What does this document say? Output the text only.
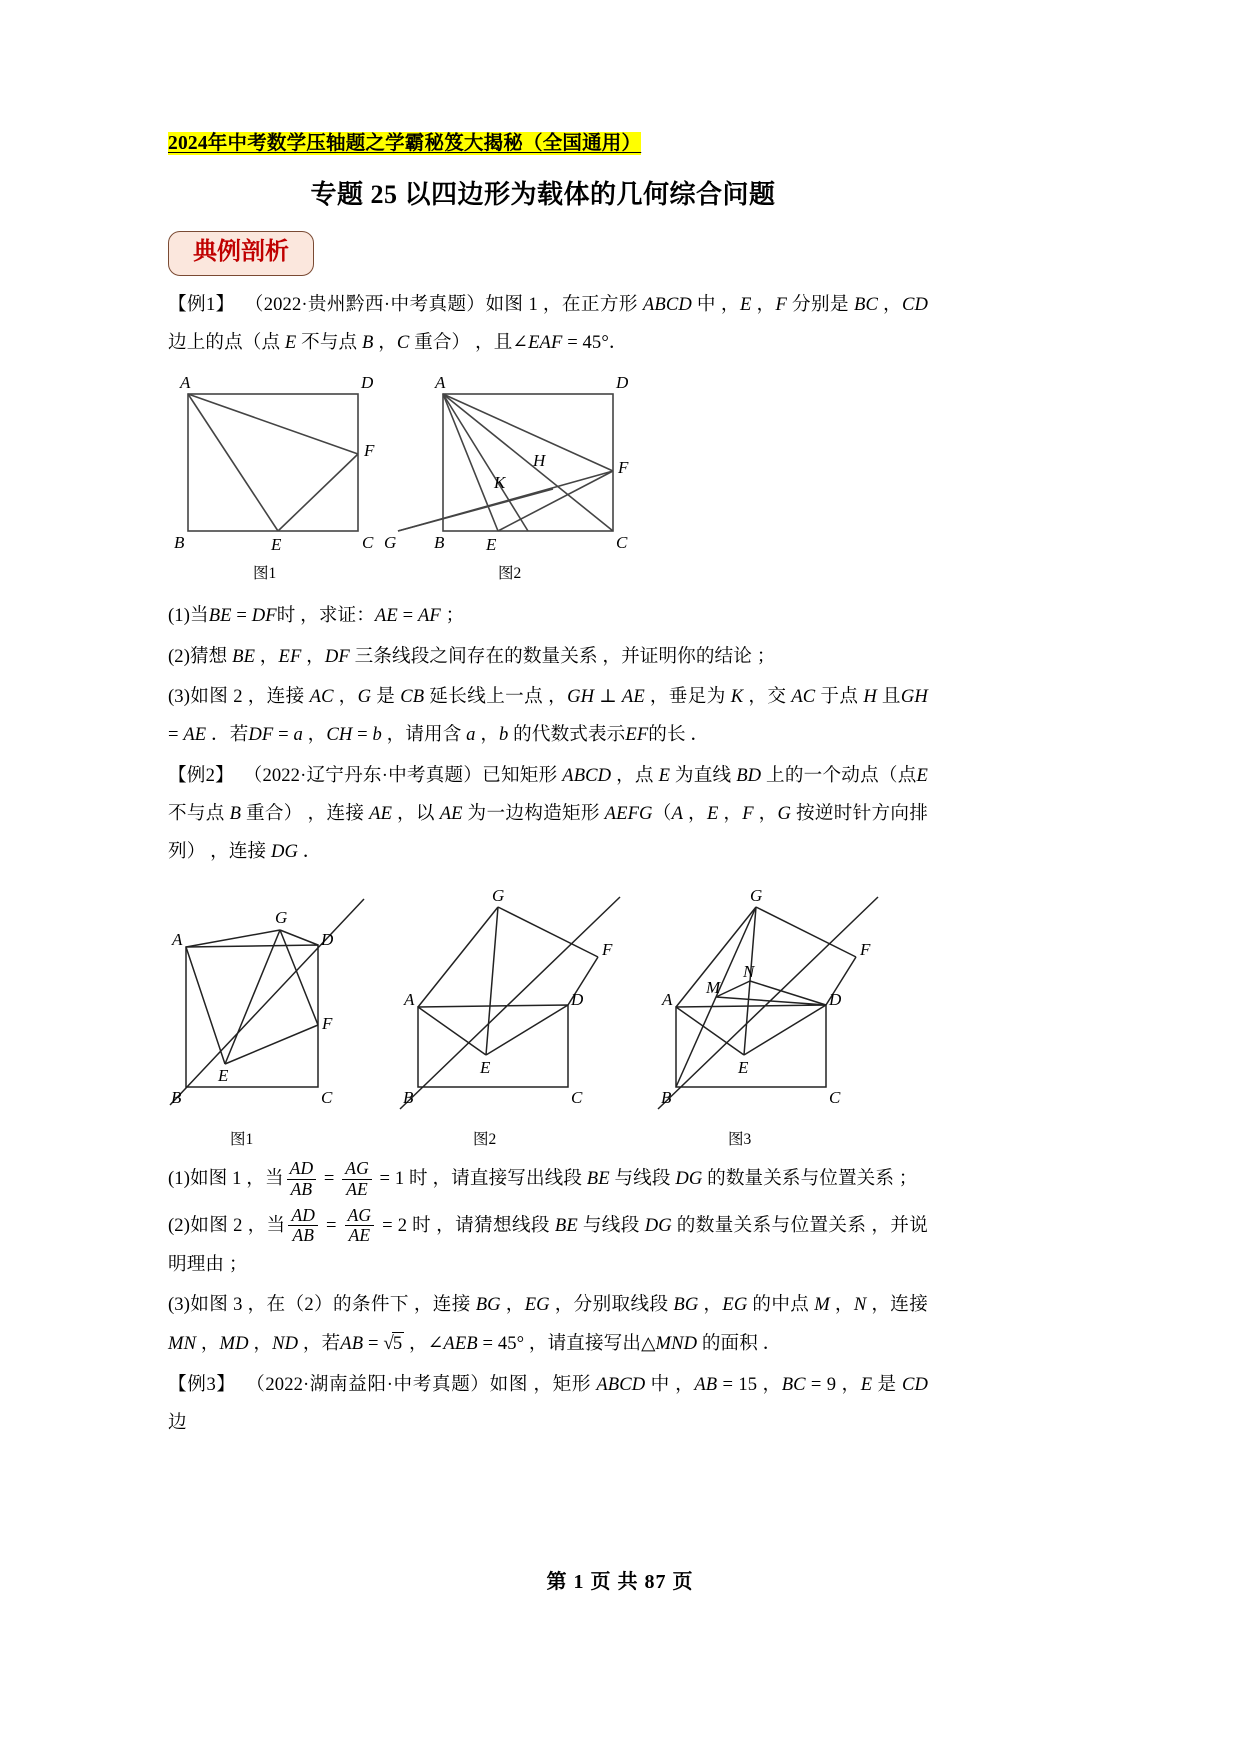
2024年中考数学压轴题之学霸秘笈大揭秘（全国通用）
专题 25 以四边形为载体的几何综合问题
典例剖析
【例1】 （2022·贵州黔西·中考真题）如图 1 ，在正方形 ABCD 中 ，E ，F 分别是 BC ，CD边上的点（点 E 不与点 B ，C 重合） ，且∠EAF = 45°．
A	D
F
B	E	C
A	D
F
H
K
G B E	C
图1	图2
(1)当BE = DF时 ，求证：AE = AF ；
(2)猜想 BE ，EF ，DF 三条线段之间存在的数量关系 ，并证明你的结论 ；
(3)如图 2 ，连接 AC ，G 是 CB 延长线上一点 ，GH ⊥ AE ，垂足为 K ，交 AC 于点 H 且GH = AE ．若DF = a ，CH = b ，请用含 a ，b 的代数式表示EF的长 ．
【例2】 （2022·辽宁丹东·中考真题）已知矩形 ABCD ，点 E 为直线 BD 上的一个动点（点E 不与点 B 重合） ，连接 AE ，以 AE 为一边构造矩形 AEFG（A ，E ，F ，G 按逆时针方向排列） ，连接 DG ．
G
A	D
F
E
B	C
G
A	D
F
E
B	C
G
N
M
A	D
F
E
B	C
图1	图2	图3
(1)如图 1 ，当 $\frac{AD}{AB} = \frac{AG}{AE} = 1$ 时 ，请直接写出线段 BE 与线段 DG 的数量关系与位置关系 ；
(2)如图 2 ，当 $\frac{AD}{AB} = \frac{AG}{AE} = 2$ 时 ，请猜想线段 BE 与线段 DG 的数量关系与位置关系 ，并说明理由 ；
(3)如图 3 ，在（2）的条件下 ，连接 BG ，EG ，分别取线段 BG ，EG 的中点 M ，N ，连接MN ，MD ，ND ，若AB = √5 ，∠AEB = 45° ，请直接写出△MND 的面积 ．
【例3】 （2022·湖南益阳·中考真题）如图 ，矩形 ABCD 中 ，AB = 15 ，BC = 9 ，E 是 CD 边
第 1 页 共 87 页
